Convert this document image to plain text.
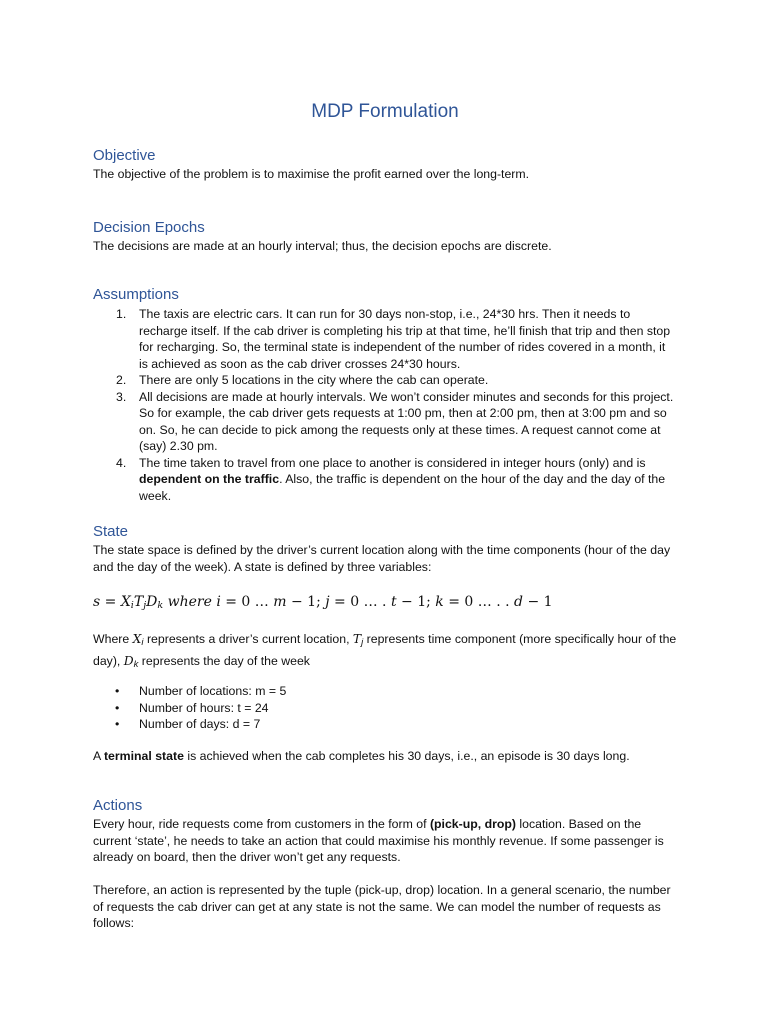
MDP Formulation
Objective

The objective of the problem is to maximise the profit earned over the long-term.

Decision Epochs

The decisions are made at an hourly interval; thus, the decision epochs are discrete.

Assumptions
1. The taxis are electric cars. It can run for 30 days non-stop, i.e., 24*30 hrs. Then it needs to recharge itself. If the cab driver is completing his trip at that time, he’ll finish that trip and then stop for recharging. So, the terminal state is independent of the number of rides covered in a month, it is achieved as soon as the cab driver crosses 24*30 hours.
2. There are only 5 locations in the city where the cab can operate.
3. All decisions are made at hourly intervals. We won’t consider minutes and seconds for this project. So for example, the cab driver gets requests at 1:00 pm, then at 2:00 pm, then at 3:00 pm and so on. So, he can decide to pick among the requests only at these times. A request cannot come at (say) 2.30 pm.
4. The time taken to travel from one place to another is considered in integer hours (only) and is dependent on the traffic. Also, the traffic is dependent on the hour of the day and the day of the week.
State

The state space is defined by the driver’s current location along with the time components (hour of the day and the day of the week). A state is defined by three variables:

$s = X_iT_jD_k$ where i = 0 … m − 1; j = 0 … . t − 1; k = 0 … . . d − 1

Where $X_i$ represents a driver’s current location, $T_j$ represents time component (more specifically hour of the day), $D_k$ represents the day of the week

• Number of locations: m = 5
• Number of hours: t = 24
• Number of days: d = 7

A terminal state is achieved when the cab completes his 30 days, i.e., an episode is 30 days long.

Actions

Every hour, ride requests come from customers in the form of (pick-up, drop) location. Based on the current ‘state’, he needs to take an action that could maximise his monthly revenue. If some passenger is already on board, then the driver won’t get any requests.

Therefore, an action is represented by the tuple (pick-up, drop) location. In a general scenario, the number of requests the cab driver can get at any state is not the same. We can model the number of requests as follows:
